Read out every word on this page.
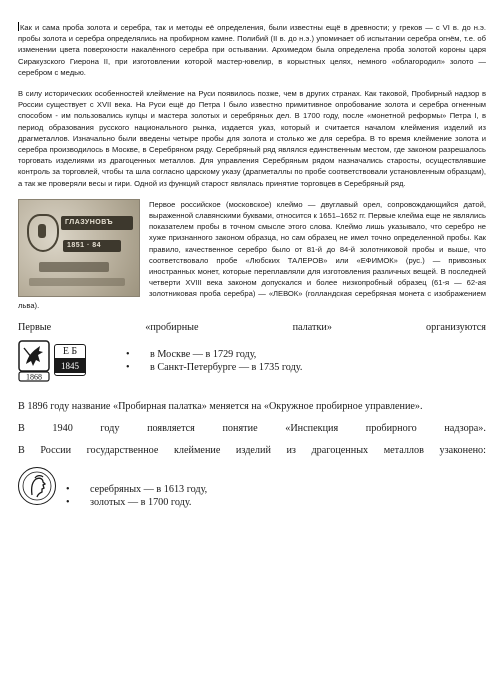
Как и сама проба золота и серебра, так и методы её определения, были известны ещё в древности; у греков — с VI в. до н.э. пробы золота и серебра определялись на пробирном камне. Полибий (II в. до н.э.) упоминает об испытании серебра огнём, т.е. об изменении цвета поверхности накалённого серебра при остывании. Архимедом была определена проба золотой короны царя Сиракузского Гиерона II, при изготовлении которой мастер-ювелир, в корыстных целях, немного «облагородил» золото — серебром с медью.

В силу исторических особенностей клеймение на Руси появилось позже, чем в других странах. Как таковой, Пробирный надзор в России существует с XVII века. На Руси ещё до Петра I было известно примитивное опробование золота и серебра огненным способом - им пользовались купцы и мастера золотых и серебряных дел. В 1700 году, после «монетной реформы» Петра I, в период образования русского национального рынка, издается указ, который и считается началом клеймения изделий из драгметаллов. Изначально были введены четыре пробы для золота и столько же для серебра. В то время клеймение золота и серебра производилось в Москве, в Серебряном ряду. Серебряный ряд являлся единственным местом, где законом разрешалось торговать изделиями из драгоценных металлов. Для управления Серебряным рядом назначались старосты, осуществлявшие контроль за торговлей, чтобы та шла согласно царскому указу (драгметаллы по пробе соответствовали установленным образцам), а так же проверяли весы и гири. Одной из функций старост являлась принятие торговцев в Серебряный ряд.

ГЛАЗУНОВЪ
1851 · 84

Первое российское (московское) клеймо — двуглавый орел, сопровождающийся датой, выраженной славянскими буквами, относится к 1651–1652 гг. Первые клейма еще не являлись показателем пробы в точном смысле этого слова. Клеймо лишь указывало, что серебро не хуже признанного законом образца, но сам образец не имел точно определенной пробы. Как правило, качественное серебро было от 81-й до 84-й золотниковой пробы и выше, что соответствовало пробе «Любских ТАЛЕРОВ» или «ЕФИМОК» (рус.) — привозных иностранных монет, которые переплавляли для изготовления различных вещей. В последней четверти XVIII века законом допускался и более низкопробный образец (61-я — 62-ая золотниковая проба серебра) — «ЛЕВОК» (голландская серебряная монета с изображением льва).

Первые	«пробирные	палатки»	организуются
1868
Е Б
1845
• в Москве — в 1729 году,
• в Санкт-Петербурге — в 1735 году.

В 1896 году название «Пробирная палатка» меняется на «Окружное пробирное управление».

В	1940	году	появляется	понятие	«Инспекция	пробирного	надзора».
В России государственное клеймение изделий из драгоценных металлов узаконено:
• серебряных — в 1613 году,
• золотых — в 1700 году.
